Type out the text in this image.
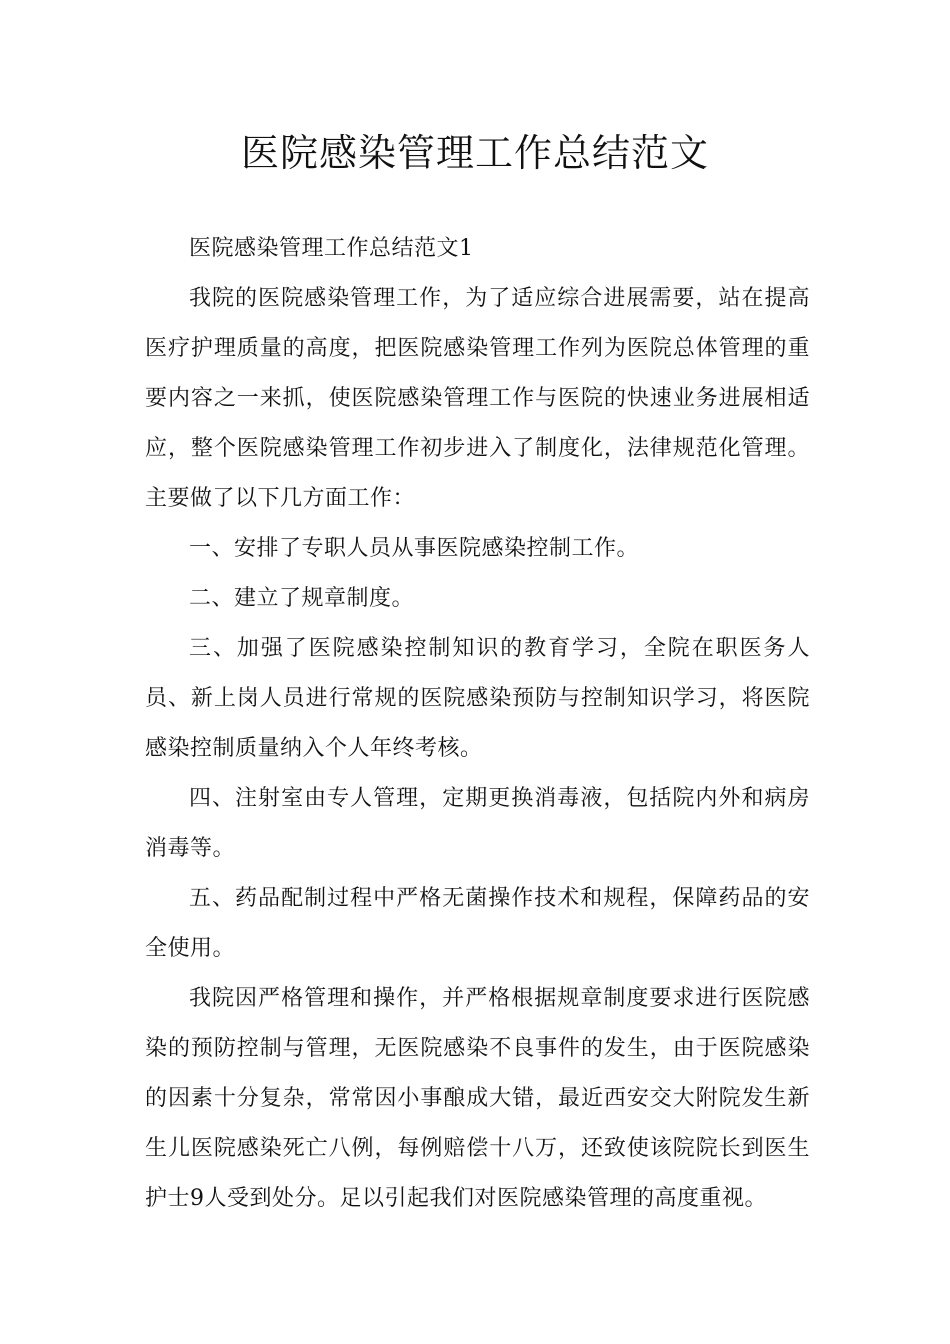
医院感染管理工作总结范文

医院感染管理工作总结范文1

我院的医院感染管理工作，为了适应综合进展需要，站在提高医疗护理质量的高度，把医院感染管理工作列为医院总体管理的重要内容之一来抓，使医院感染管理工作与医院的快速业务进展相适应，整个医院感染管理工作初步进入了制度化，法律规范化管理。主要做了以下几方面工作：

一、安排了专职人员从事医院感染控制工作。

二、建立了规章制度。

三、加强了医院感染控制知识的教育学习，全院在职医务人员、新上岗人员进行常规的医院感染预防与控制知识学习，将医院感染控制质量纳入个人年终考核。

四、注射室由专人管理，定期更换消毒液，包括院内外和病房消毒等。

五、药品配制过程中严格无菌操作技术和规程，保障药品的安全使用。

我院因严格管理和操作，并严格根据规章制度要求进行医院感染的预防控制与管理，无医院感染不良事件的发生，由于医院感染的因素十分复杂，常常因小事酿成大错，最近西安交大附院发生新生儿医院感染死亡八例，每例赔偿十八万，还致使该院院长到医生护士9人受到处分。足以引起我们对医院感染管理的高度重视。
